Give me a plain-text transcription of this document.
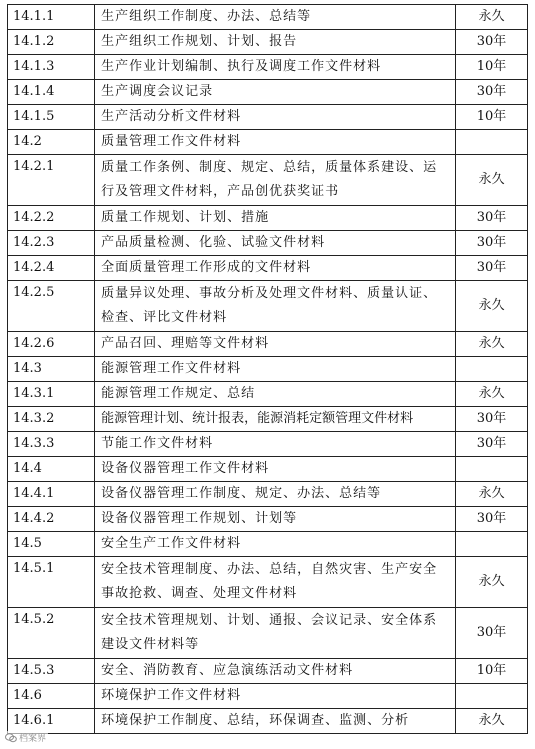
14.1.1	生产组织工作制度、办法、总结等	永久
14.1.2	生产组织工作规划、计划、报告	30年
14.1.3	生产作业计划编制、执行及调度工作文件材料	10年
14.1.4	生产调度会议记录	30年
14.1.5	生产活动分析文件材料	10年
14.2	质量管理工作文件材料	
14.2.1	质量工作条例、制度、规定、总结，质量体系建设、运行及管理文件材料，产品创优获奖证书	永久
14.2.2	质量工作规划、计划、措施	30年
14.2.3	产品质量检测、化验、试验文件材料	30年
14.2.4	全面质量管理工作形成的文件材料	30年
14.2.5	质量异议处理、事故分析及处理文件材料、质量认证、检查、评比文件材料	永久
14.2.6	产品召回、理赔等文件材料	永久
14.3	能源管理工作文件材料	
14.3.1	能源管理工作规定、总结	永久
14.3.2	能源管理计划、统计报表，能源消耗定额管理文件材料	30年
14.3.3	节能工作文件材料	30年
14.4	设备仪器管理工作文件材料	
14.4.1	设备仪器管理工作制度、规定、办法、总结等	永久
14.4.2	设备仪器管理工作规划、计划等	30年
14.5	安全生产工作文件材料	
14.5.1	安全技术管理制度、办法、总结，自然灾害、生产安全事故抢救、调查、处理文件材料	永久
14.5.2	安全技术管理规划、计划、通报、会议记录、安全体系建设文件材料等	30年
14.5.3	安全、消防教育、应急演练活动文件材料	10年
14.6	环境保护工作文件材料	
14.6.1	环境保护工作制度、总结，环保调查、监测、分析	永久
档案界
